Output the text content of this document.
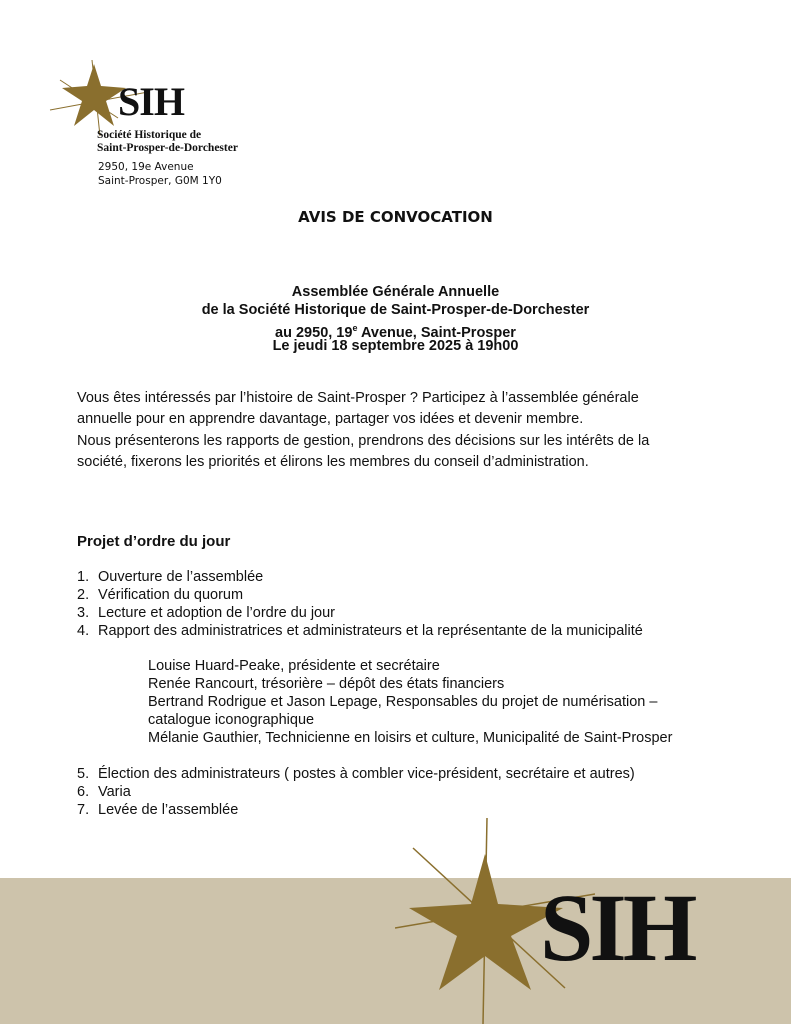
SIH
Société Historique de
Saint-Prosper-de-Dorchester
2950, 19e Avenue
Saint-Prosper, G0M 1Y0
AVIS DE CONVOCATION
Assemblée Générale Annuelle
de la Société Historique de Saint-Prosper-de-Dorchester
au 2950, 19e Avenue, Saint-Prosper
Le jeudi 18 septembre 2025 à 19h00
Vous êtes intéressés par l’histoire de Saint-Prosper ? Participez à l’assemblée générale
annuelle pour en apprendre davantage, partager vos idées et devenir membre.
Nous présenterons les rapports de gestion, prendrons des décisions sur les intérêts de la
société, fixerons les priorités et élirons les membres du conseil d’administration.
Projet d’ordre du jour
1. Ouverture de l’assemblée
2. Vérification du quorum
3. Lecture et adoption de l’ordre du jour
4. Rapport des administratrices et administrateurs et la représentante de la municipalité
Louise Huard-Peake, présidente et secrétaire
Renée Rancourt, trésorière – dépôt des états financiers
Bertrand Rodrigue et Jason Lepage, Responsables du projet de numérisation –
catalogue iconographique
Mélanie Gauthier, Technicienne en loisirs et culture, Municipalité de Saint-Prosper
5. Élection des administrateurs ( postes à combler vice-président, secrétaire et autres)
6. Varia
7. Levée de l’assemblée
SIH
